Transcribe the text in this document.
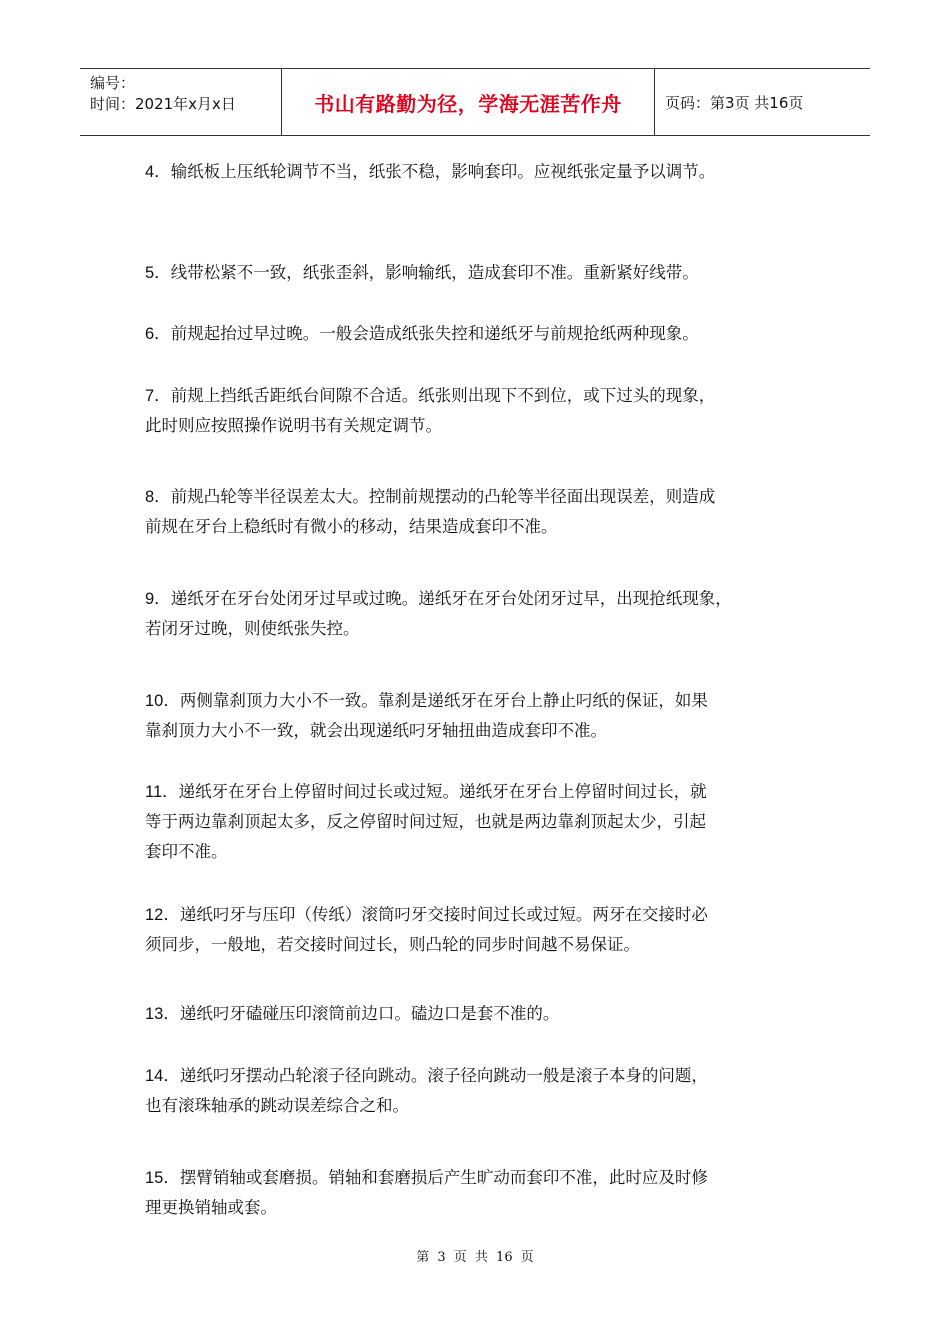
编号：
时间：2021年x月x日	书山有路勤为径，学海无涯苦作舟	页码：第3页 共16页

4．输纸板上压纸轮调节不当，纸张不稳，影响套印。应视纸张定量予以调节。

5．线带松紧不一致，纸张歪斜，影响输纸，造成套印不准。重新紧好线带。

6．前规起抬过早过晚。一般会造成纸张失控和递纸牙与前规抢纸两种现象。

7．前规上挡纸舌距纸台间隙不合适。纸张则出现下不到位，或下过头的现象，

此时则应按照操作说明书有关规定调节。

8．前规凸轮等半径误差太大。控制前规摆动的凸轮等半径面出现误差，则造成

前规在牙台上稳纸时有微小的移动，结果造成套印不准。

9．递纸牙在牙台处闭牙过早或过晚。递纸牙在牙台处闭牙过早，出现抢纸现象，

若闭牙过晚，则使纸张失控。

10．两侧靠刹顶力大小不一致。靠刹是递纸牙在牙台上静止叼纸的保证，如果

靠刹顶力大小不一致，就会出现递纸叼牙轴扭曲造成套印不准。

11．递纸牙在牙台上停留时间过长或过短。递纸牙在牙台上停留时间过长，就

等于两边靠刹顶起太多，反之停留时间过短，也就是两边靠刹顶起太少，引起

套印不准。

12．递纸叼牙与压印（传纸）滚筒叼牙交接时间过长或过短。两牙在交接时必

须同步，一般地，若交接时间过长，则凸轮的同步时间越不易保证。

13．递纸叼牙磕碰压印滚筒前边口。磕边口是套不准的。

14．递纸叼牙摆动凸轮滚子径向跳动。滚子径向跳动一般是滚子本身的问题，

也有滚珠轴承的跳动误差综合之和。

15．摆臂销轴或套磨损。销轴和套磨损后产生旷动而套印不准，此时应及时修

理更换销轴或套。

第 3 页 共 16 页
